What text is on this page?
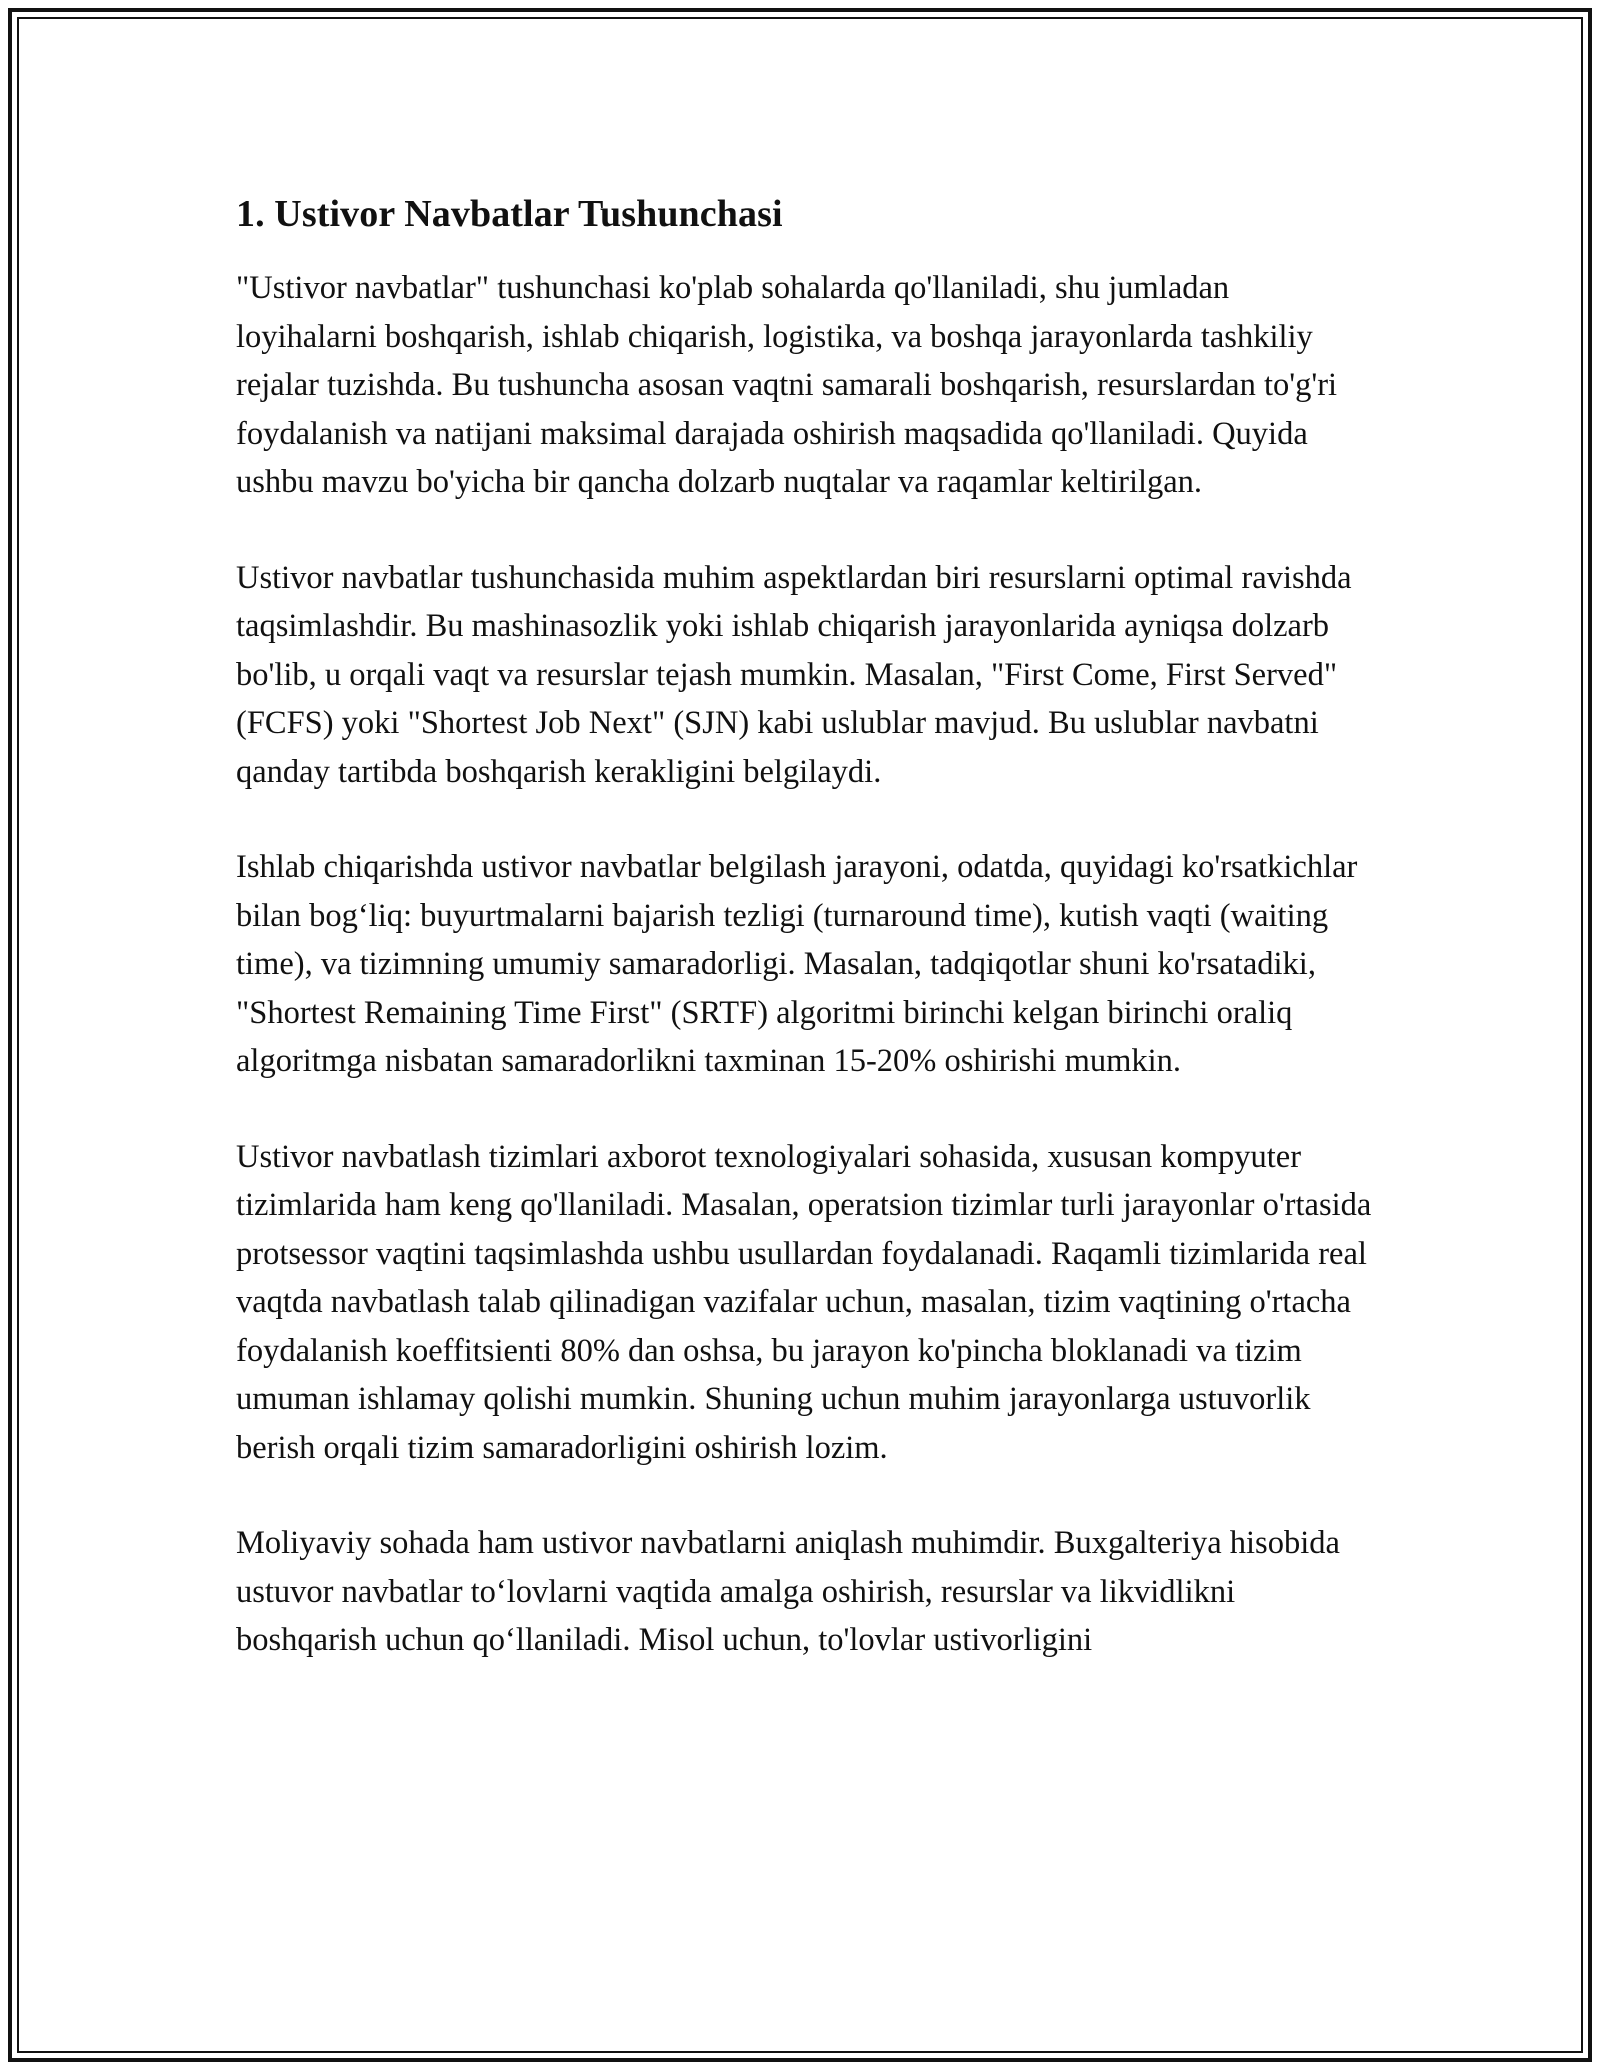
1. Ustivor Navbatlar Tushunchasi

"Ustivor navbatlar" tushunchasi ko'plab sohalarda qo'llaniladi, shu jumladan loyihalarni boshqarish, ishlab chiqarish, logistika, va boshqa jarayonlarda tashkiliy rejalar tuzishda. Bu tushuncha asosan vaqtni samarali boshqarish, resurslardan to'g'ri foydalanish va natijani maksimal darajada oshirish maqsadida qo'llaniladi. Quyida ushbu mavzu bo'yicha bir qancha dolzarb nuqtalar va raqamlar keltirilgan.

Ustivor navbatlar tushunchasida muhim aspektlardan biri resurslarni optimal ravishda taqsimlashdir. Bu mashinasozlik yoki ishlab chiqarish jarayonlarida ayniqsa dolzarb bo'lib, u orqali vaqt va resurslar tejash mumkin. Masalan, "First Come, First Served" (FCFS) yoki "Shortest Job Next" (SJN) kabi uslublar mavjud. Bu uslublar navbatni qanday tartibda boshqarish kerakligini belgilaydi.

Ishlab chiqarishda ustivor navbatlar belgilash jarayoni, odatda, quyidagi ko'rsatkichlar bilan bog‘liq: buyurtmalarni bajarish tezligi (turnaround time), kutish vaqti (waiting time), va tizimning umumiy samaradorligi. Masalan, tadqiqotlar shuni ko'rsatadiki, "Shortest Remaining Time First" (SRTF) algoritmi birinchi kelgan birinchi oraliq algoritmga nisbatan samaradorlikni taxminan 15-20% oshirishi mumkin.

Ustivor navbatlash tizimlari axborot texnologiyalari sohasida, xususan kompyuter tizimlarida ham keng qo'llaniladi. Masalan, operatsion tizimlar turli jarayonlar o'rtasida protsessor vaqtini taqsimlashda ushbu usullardan foydalanadi. Raqamli tizimlarida real vaqtda navbatlash talab qilinadigan vazifalar uchun, masalan, tizim vaqtining o'rtacha foydalanish koeffitsienti 80% dan oshsa, bu jarayon ko'pincha bloklanadi va tizim umuman ishlamay qolishi mumkin. Shuning uchun muhim jarayonlarga ustuvorlik berish orqali tizim samaradorligini oshirish lozim.

Moliyaviy sohada ham ustivor navbatlarni aniqlash muhimdir. Buxgalteriya hisobida ustuvor navbatlar to‘lovlarni vaqtida amalga oshirish, resurslar va likvidlikni boshqarish uchun qo‘llaniladi. Misol uchun, to'lovlar ustivorligini
